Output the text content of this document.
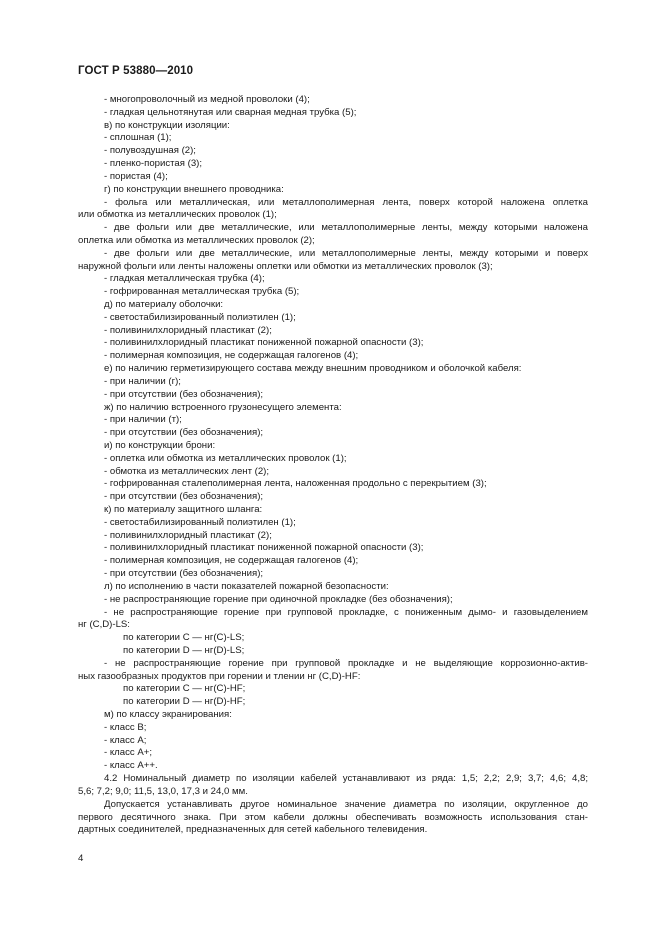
ГОСТ Р 53880—2010
- многопроволочный из медной проволоки (4);
- гладкая цельнотянутая или сварная медная трубка (5);
в) по конструкции изоляции:
- сплошная (1);
- полувоздушная (2);
- пленко-пористая (3);
- пористая (4);
г) по конструкции внешнего проводника:
- фольга или металлическая, или металлополимерная лента, поверх которой наложена оплетка
или обмотка из металлических проволок (1);
- две фольги или две металлические, или металлополимерные ленты, между которыми наложена
оплетка или обмотка из металлических проволок (2);
- две фольги или две металлические, или металлополимерные ленты, между которыми и поверх
наружной фольги или ленты наложены оплетки или обмотки из металлических проволок (3);
- гладкая металлическая трубка (4);
- гофрированная металлическая трубка (5);
д) по материалу оболочки:
- светостабилизированный полиэтилен (1);
- поливинилхлоридный пластикат (2);
- поливинилхлоридный пластикат пониженной пожарной опасности (3);
- полимерная композиция, не содержащая галогенов (4);
е) по наличию герметизирующего состава между внешним проводником и оболочкой кабеля:
- при наличии (г);
- при отсутствии (без обозначения);
ж) по наличию встроенного грузонесущего элемента:
- при наличии (т);
- при отсутствии (без обозначения);
и) по конструкции брони:
- оплетка или обмотка из металлических проволок (1);
- обмотка из металлических лент (2);
- гофрированная сталеполимерная лента, наложенная продольно с перекрытием (3);
- при отсутствии (без обозначения);
к) по материалу защитного шланга:
- светостабилизированный полиэтилен (1);
- поливинилхлоридный пластикат (2);
- поливинилхлоридный пластикат пониженной пожарной опасности (3);
- полимерная композиция, не содержащая галогенов (4);
- при отсутствии (без обозначения);
л) по исполнению в части показателей пожарной безопасности:
- не распространяющие горение при одиночной прокладке (без обозначения);
- не распространяющие горение при групповой прокладке, с пониженным дымо- и газовыделением
нг (C,D)-LS:
по категории С — нг(C)-LS;
по категории D — нг(D)-LS;
- не распространяющие горение при групповой прокладке и не выделяющие коррозионно-актив-
ных газообразных продуктов при горении и тлении нг (C,D)-HF:
по категории С — нг(C)-HF;
по категории D — нг(D)-HF;
м) по классу экранирования:
- класс В;
- класс А;
- класс А+;
- класс А++.
4.2 Номинальный диаметр по изоляции кабелей устанавливают из ряда: 1,5; 2,2; 2,9; 3,7; 4,6; 4,8;
5,6; 7,2; 9,0; 11,5, 13,0, 17,3 и 24,0 мм.
Допускается устанавливать другое номинальное значение диаметра по изоляции, округленное до
первого десятичного знака. При этом кабели должны обеспечивать возможность использования стан-
дартных соединителей, предназначенных для сетей кабельного телевидения.
4
